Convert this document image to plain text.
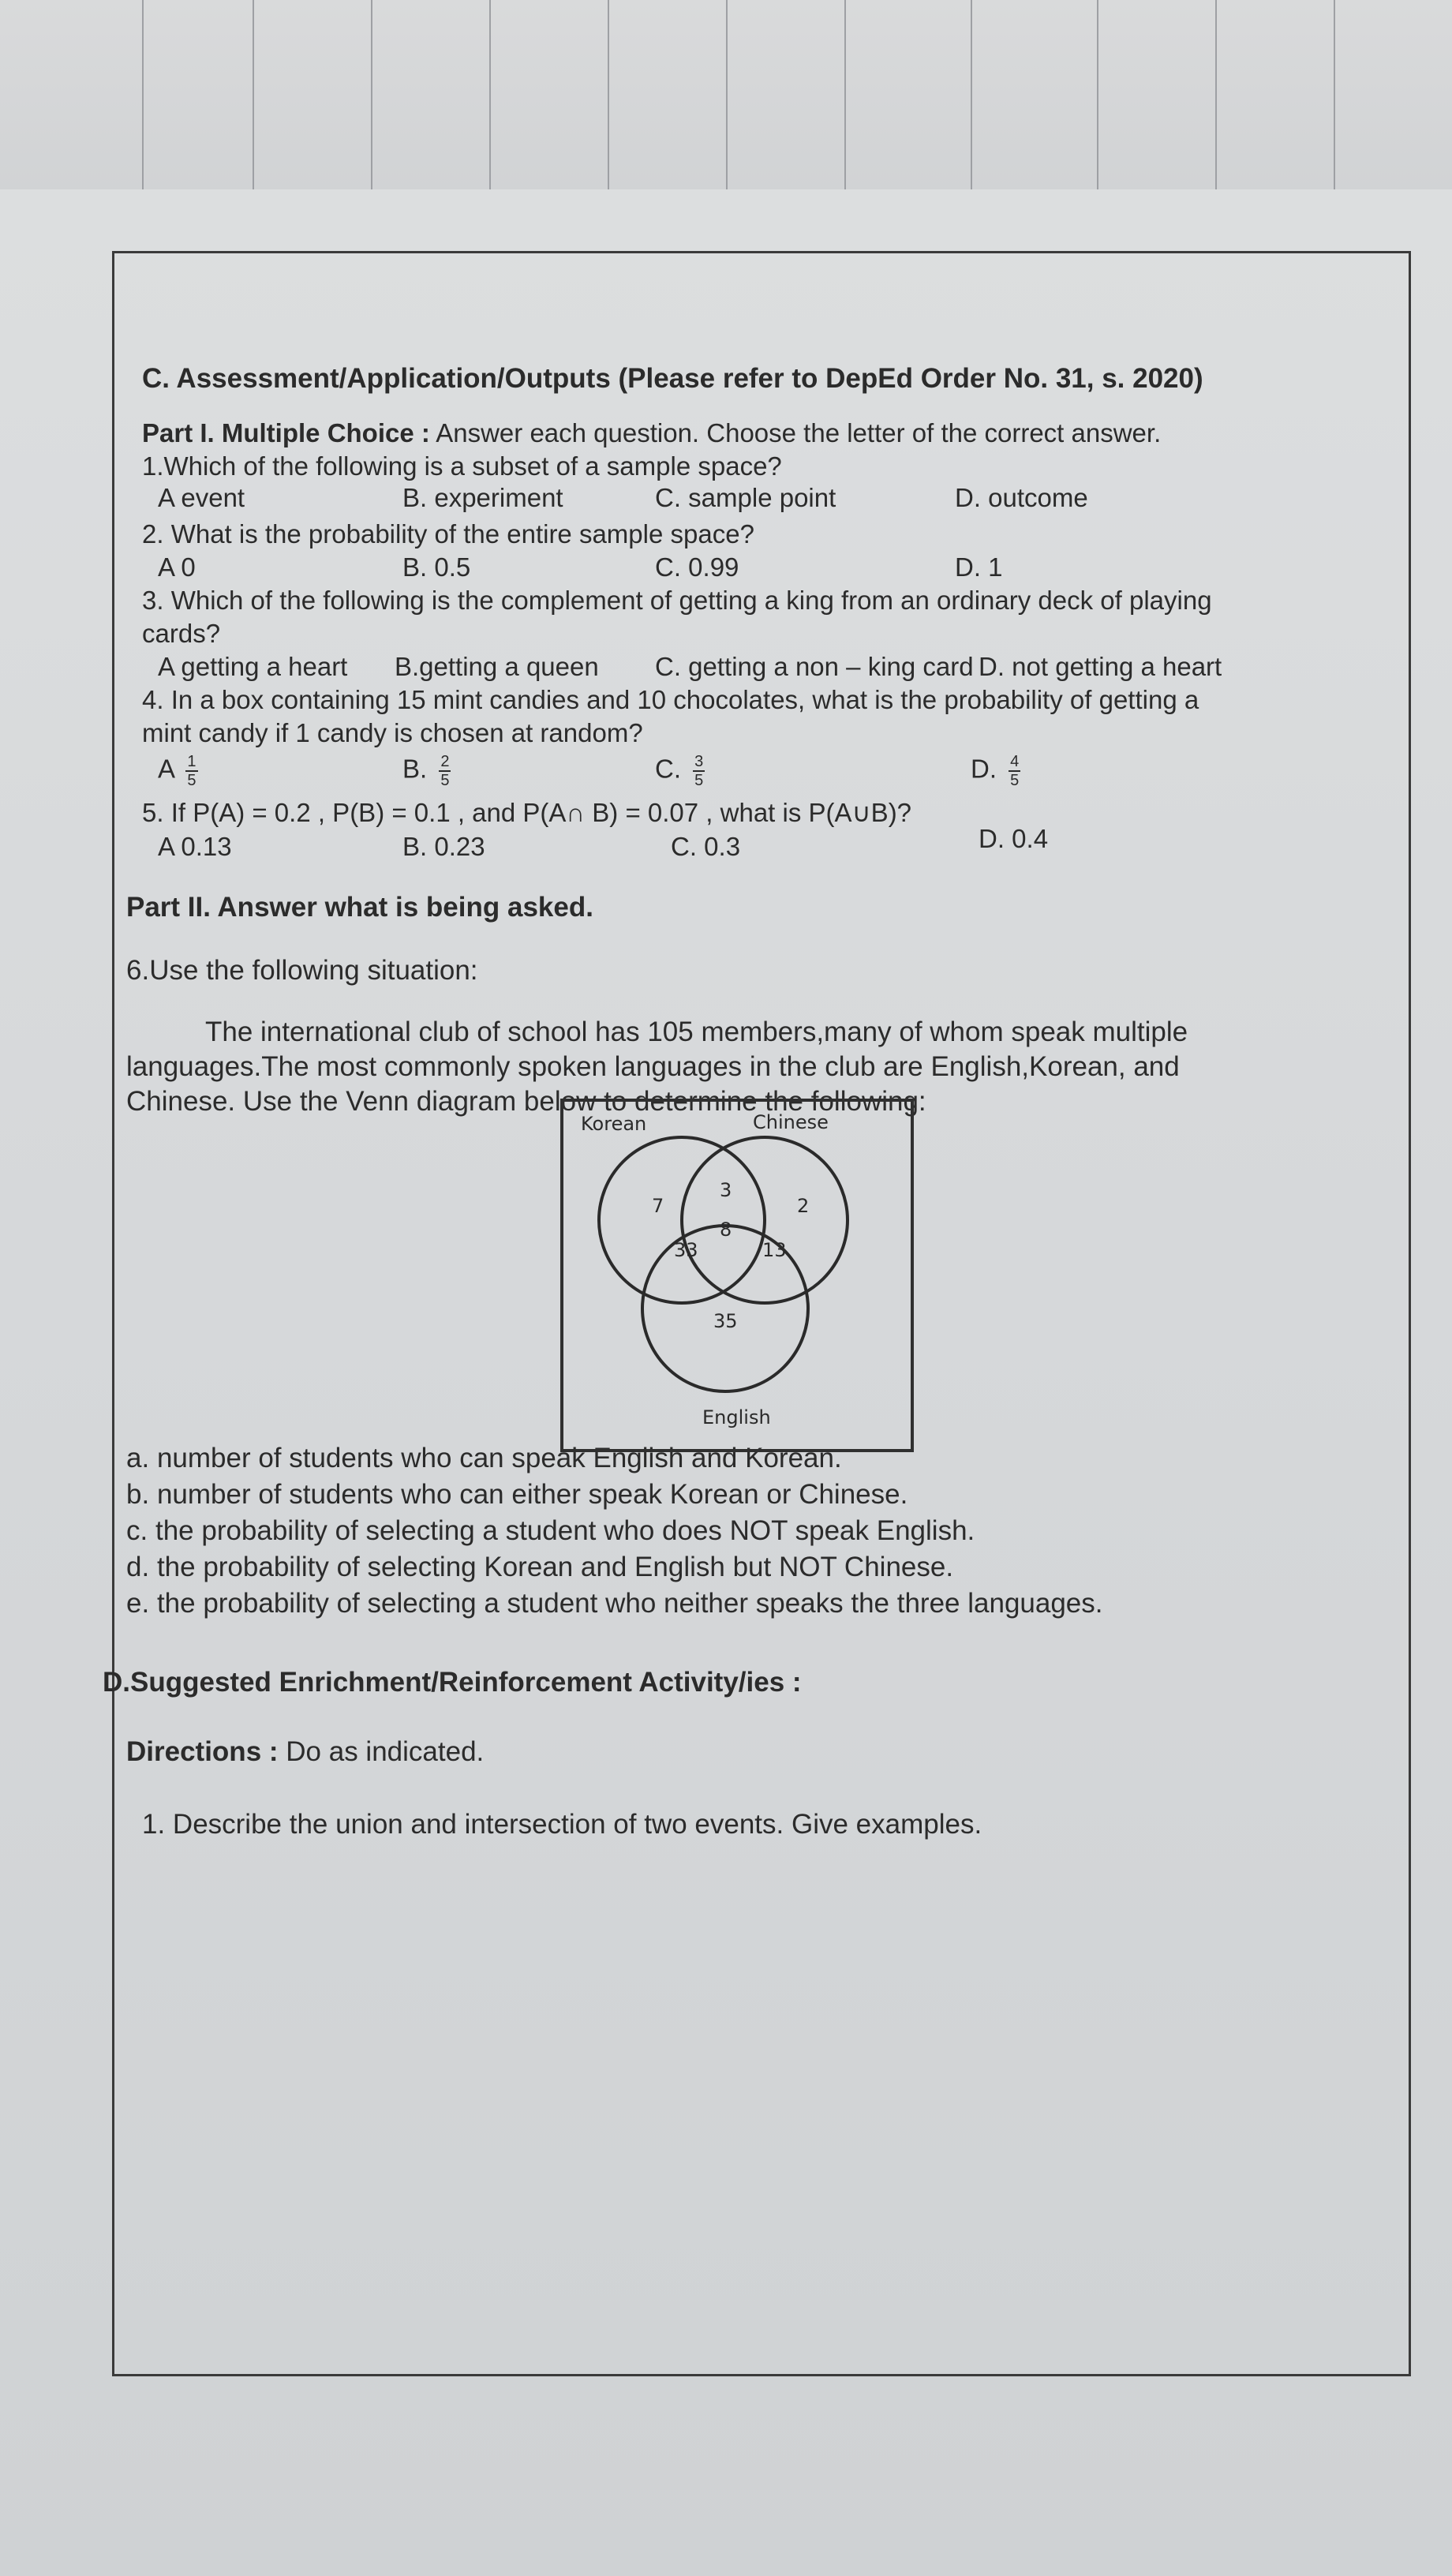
C. Assessment/Application/Outputs (Please refer to DepEd Order No. 31, s. 2020)
Part I. Multiple Choice : Answer each question. Choose the letter of the correct answer.
1.Which of the following is a subset of a sample space?
A event	B. experiment	C. sample point	D. outcome
2. What is the probability of the entire sample space?
A 0	B. 0.5	C. 0.99	D. 1
3. Which of the following is the complement of getting a king from an ordinary deck of playing
cards?
A getting a heart B.getting a queen C. getting a non – king card D. not getting a heart
4. In a box containing 15 mint candies and 10 chocolates, what is the probability of getting a
mint candy if 1 candy is chosen at random?
A $\frac{1}{5}$	B. $\frac{2}{5}$	C. $\frac{3}{5}$	D. $\frac{4}{5}$
5. If P(A) = 0.2 , P(B) = 0.1 , and P(A∩ B) = 0.07 , what is P(A∪B)?
A 0.13	B. 0.23	C. 0.3	D. 0.4
Part II. Answer what is being asked.
6.Use the following situation:
The international club of school has 105 members,many of whom speak multiple
languages.The most commonly spoken languages in the club are English,Korean, and
Chinese. Use the Venn diagram below to determine the following:
a. number of students who can speak English and Korean.
b. number of students who can either speak Korean or Chinese.
c. the probability of selecting a student who does NOT speak English.
d. the probability of selecting Korean and English but NOT Chinese.
e. the probability of selecting a student who neither speaks the three languages.
D.Suggested Enrichment/Reinforcement Activity/ies :
Directions : Do as indicated.
1. Describe the union and intersection of two events. Give examples.
Korean	Chinese
English
7
3
2
8
33	13
35
